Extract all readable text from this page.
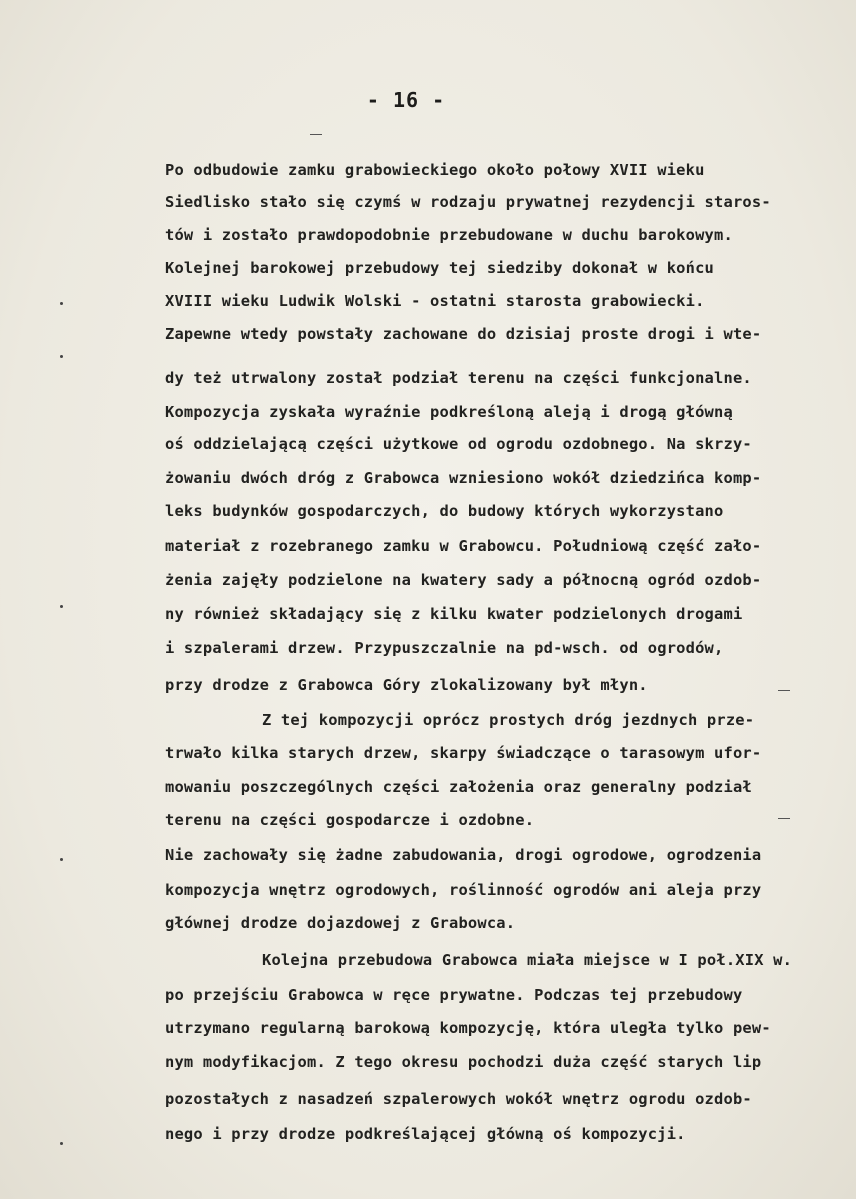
- 16 -
Po odbudowie zamku grabowieckiego około połowy XVII wieku
Siedlisko stało się czymś w rodzaju prywatnej rezydencji staros-
tów i zostało prawdopodobnie przebudowane w duchu barokowym.
Kolejnej barokowej przebudowy tej siedziby dokonał w końcu
XVIII wieku Ludwik Wolski - ostatni starosta grabowiecki.
Zapewne wtedy powstały zachowane do dzisiaj proste drogi i wte-
dy też utrwalony został podział terenu na części funkcjonalne.
Kompozycja zyskała wyraźnie podkreśloną aleją i drogą główną
oś oddzielającą części użytkowe od ogrodu ozdobnego. Na skrzy-
żowaniu dwóch dróg z Grabowca wzniesiono wokół dziedzińca komp-
leks budynków gospodarczych, do budowy których wykorzystano
materiał z rozebranego zamku w Grabowcu. Południową część zało-
żenia zajęły podzielone na kwatery sady a północną ogród ozdob-
ny również składający się z kilku kwater podzielonych drogami
i szpalerami drzew. Przypuszczalnie na pd-wsch. od ogrodów,
przy drodze z Grabowca Góry zlokalizowany był młyn.
Z tej kompozycji oprócz prostych dróg jezdnych prze-
trwało kilka starych drzew, skarpy świadczące o tarasowym ufor-
mowaniu poszczególnych części założenia oraz generalny podział
terenu na części gospodarcze i ozdobne.
Nie zachowały się żadne zabudowania, drogi ogrodowe, ogrodzenia
kompozycja wnętrz ogrodowych, roślinność ogrodów ani aleja przy
głównej drodze dojazdowej z Grabowca.
Kolejna przebudowa Grabowca miała miejsce w I poł.XIX w.
po przejściu Grabowca w ręce prywatne. Podczas tej przebudowy
utrzymano regularną barokową kompozycję, która uległa tylko pew-
nym modyfikacjom. Z tego okresu pochodzi duża część starych lip
pozostałych z nasadzeń szpalerowych wokół wnętrz ogrodu ozdob-
nego i przy drodze podkreślającej główną oś kompozycji.
